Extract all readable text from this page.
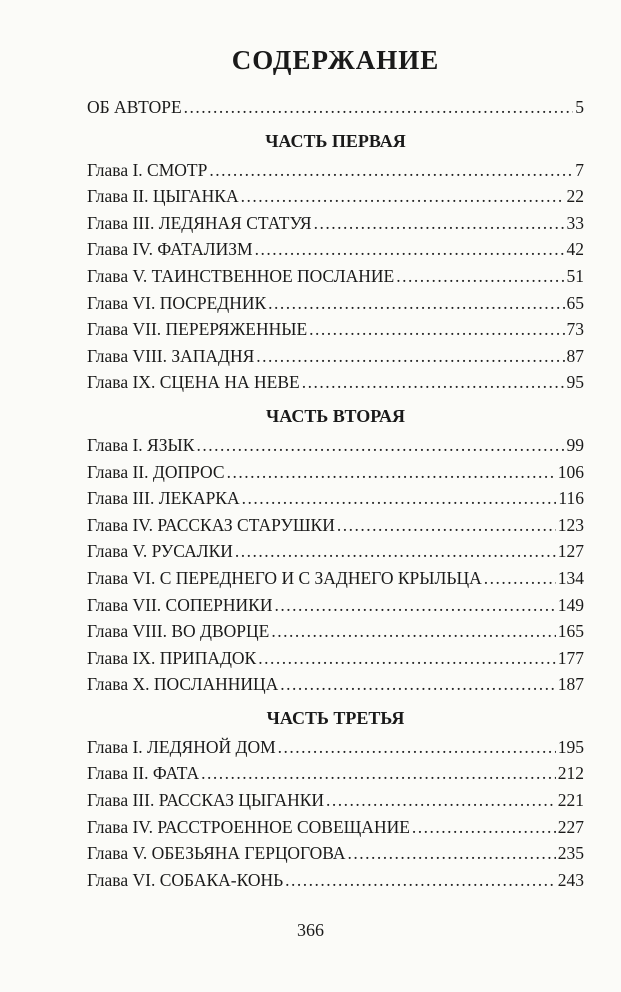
СОДЕРЖАНИЕ
ОБ АВТОРЕ .....	5
ЧАСТЬ ПЕРВАЯ
Глава I. СМОТР .....	7
Глава II. ЦЫГАНКА .....	22
Глава III. ЛЕДЯНАЯ СТАТУЯ .....	33
Глава IV. ФАТАЛИЗМ .....	42
Глава V. ТАИНСТВЕННОЕ ПОСЛАНИЕ .....	51
Глава VI. ПОСРЕДНИК .....	65
Глава VII. ПЕРЕРЯЖЕННЫЕ .....	73
Глава VIII. ЗАПАДНЯ .....	87
Глава IX. СЦЕНА НА НЕВЕ .....	95
ЧАСТЬ ВТОРАЯ
Глава I. ЯЗЫК .....	99
Глава II. ДОПРОС .....	106
Глава III. ЛЕКАРКА .....	116
Глава IV. РАССКАЗ СТАРУШКИ .....	123
Глава V. РУСАЛКИ .....	127
Глава VI. С ПЕРЕДНЕГО И С ЗАДНЕГО КРЫЛЬЦА .....	134
Глава VII. СОПЕРНИКИ .....	149
Глава VIII. ВО ДВОРЦЕ .....	165
Глава IX. ПРИПАДОК .....	177
Глава X. ПОСЛАННИЦА .....	187
ЧАСТЬ ТРЕТЬЯ
Глава I. ЛЕДЯНОЙ ДОМ .....	195
Глава II. ФАТА .....	212
Глава III. РАССКАЗ ЦЫГАНКИ .....	221
Глава IV. РАССТРОЕННОЕ СОВЕЩАНИЕ .....	227
Глава V. ОБЕЗЬЯНА ГЕРЦОГОВА .....	235
Глава VI. СОБАКА-КОНЬ .....	243
366
